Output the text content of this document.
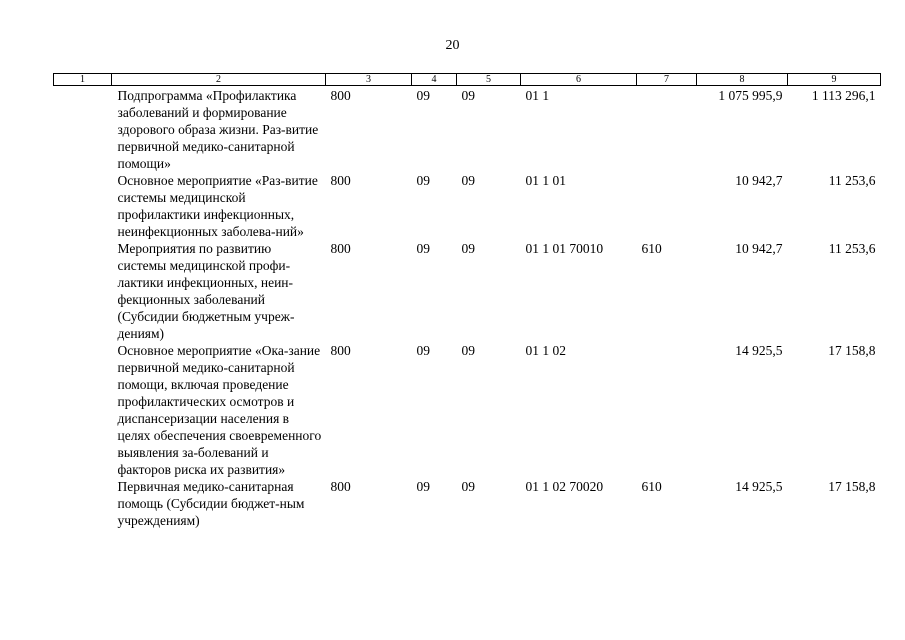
20
1	2	3	4	5	6	7	8	9
	Подпрограмма «Профилактика заболеваний и формирование здорового образа жизни. Раз-витие первичной медико-санитарной помощи»	800	09	09	01 1		1 075 995,9	1 113 296,1
	Основное мероприятие «Раз-витие системы медицинской профилактики инфекционных, неинфекционных заболева-ний»	800	09	09	01 1 01		10 942,7	11 253,6
	Мероприятия по развитию системы медицинской профи-лактики инфекционных, неин-фекционных заболеваний (Субсидии бюджетным учреж-дениям)	800	09	09	01 1 01 70010	610	10 942,7	11 253,6
	Основное мероприятие «Ока-зание первичной медико-санитарной помощи, включая проведение профилактических осмотров и диспансеризации населения в целях обеспечения своевременного выявления за-болеваний и факторов риска их развития»	800	09	09	01 1 02		14 925,5	17 158,8
	Первичная медико-санитарная помощь (Субсидии бюджет-ным учреждениям)	800	09	09	01 1 02 70020	610	14 925,5	17 158,8
